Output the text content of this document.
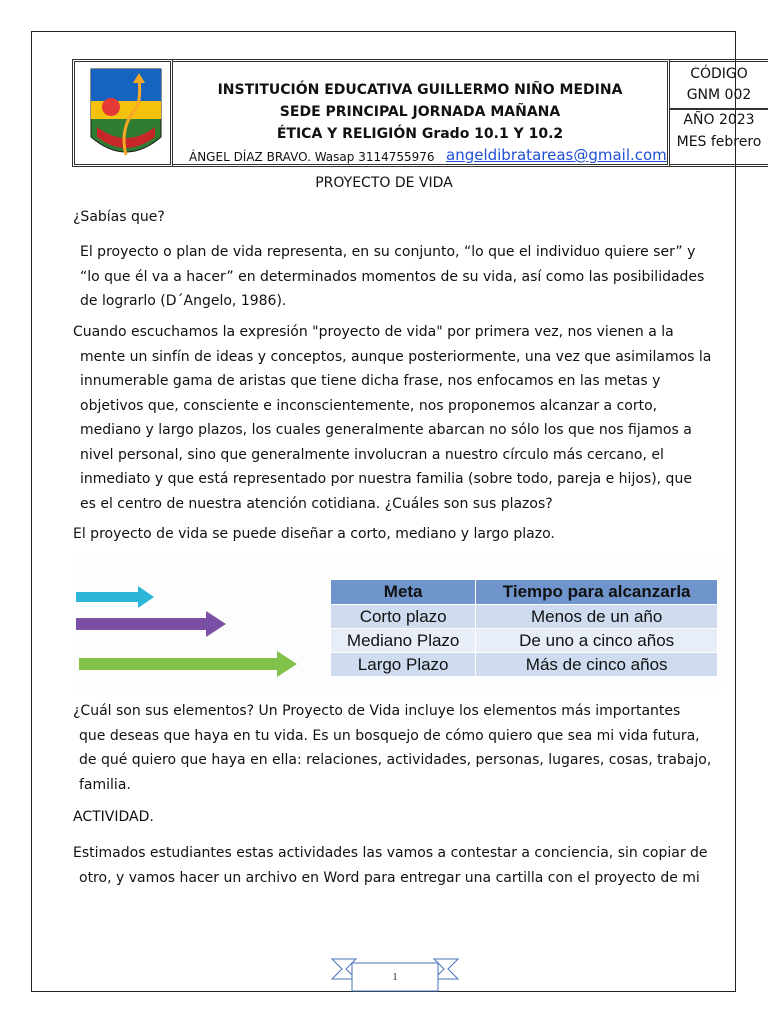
INSTITUCIÓN EDUCATIVA GUILLERMO NIÑO MEDINA
SEDE PRINCIPAL JORNADA MAÑANA
ÉTICA Y RELIGIÓN Grado 10.1 Y 10.2
ÁNGEL DÍAZ BRAVO. Wasap 3114755976 angeldibratareas@gmail.com
CÓDIGO
GNM 002
AÑO 2023
MES febrero
PROYECTO DE VIDA
¿Sabías que?
El proyecto o plan de vida representa, en su conjunto, “lo que el individuo quiere ser” y
“lo que él va a hacer” en determinados momentos de su vida, así como las posibilidades
de lograrlo (D´Angelo, 1986).
Cuando escuchamos la expresión "proyecto de vida" por primera vez, nos vienen a la
mente un sinfín de ideas y conceptos, aunque posteriormente, una vez que asimilamos la
innumerable gama de aristas que tiene dicha frase, nos enfocamos en las metas y
objetivos que, consciente e inconscientemente, nos proponemos alcanzar a corto,
mediano y largo plazos, los cuales generalmente abarcan no sólo los que nos fijamos a
nivel personal, sino que generalmente involucran a nuestro círculo más cercano, el
inmediato y que está representado por nuestra familia (sobre todo, pareja e hijos), que
es el centro de nuestra atención cotidiana. ¿Cuáles son sus plazos?
El proyecto de vida se puede diseñar a corto, mediano y largo plazo.
Meta	Tiempo para alcanzarla
Corto plazo	Menos de un año
Mediano Plazo	De uno a cinco años
Largo Plazo	Más de cinco años
¿Cuál son sus elementos? Un Proyecto de Vida incluye los elementos más importantes
que deseas que haya en tu vida. Es un bosquejo de cómo quiero que sea mi vida futura,
de qué quiero que haya en ella: relaciones, actividades, personas, lugares, cosas, trabajo,
familia.
ACTIVIDAD.
Estimados estudiantes estas actividades las vamos a contestar a conciencia, sin copiar de
otro, y vamos hacer un archivo en Word para entregar una cartilla con el proyecto de mi
1
